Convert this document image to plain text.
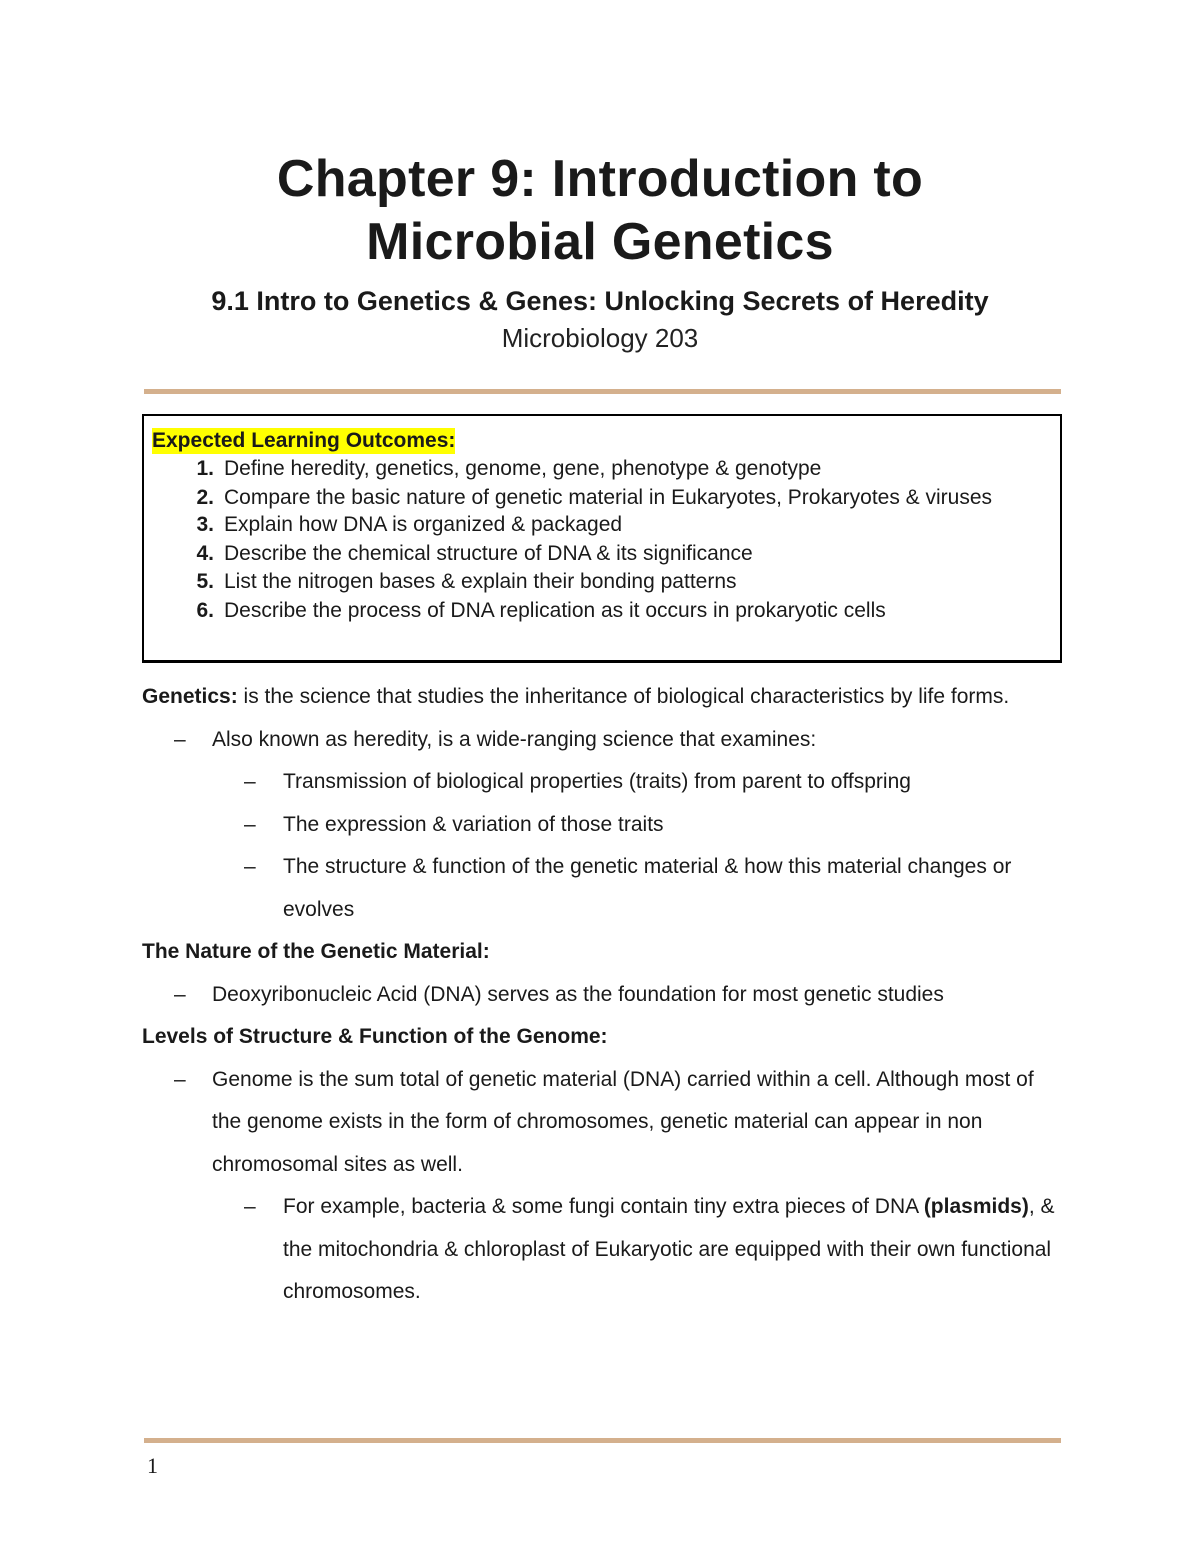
Chapter 9: Introduction to
Microbial Genetics
9.1 Intro to Genetics & Genes: Unlocking Secrets of Heredity
Microbiology 203
Expected Learning Outcomes:
1. Define heredity, genetics, genome, gene, phenotype & genotype
2. Compare the basic nature of genetic material in Eukaryotes, Prokaryotes & viruses
3. Explain how DNA is organized & packaged
4. Describe the chemical structure of DNA & its significance
5. List the nitrogen bases & explain their bonding patterns
6. Describe the process of DNA replication as it occurs in prokaryotic cells

Genetics: is the science that studies the inheritance of biological characteristics by life forms.

– Also known as heredity, is a wide-ranging science that examines:
– Transmission of biological properties (traits) from parent to offspring
– The expression & variation of those traits
– The structure & function of the genetic material & how this material changes or evolves

The Nature of the Genetic Material:

– Deoxyribonucleic Acid (DNA) serves as the foundation for most genetic studies

Levels of Structure & Function of the Genome:

– Genome is the sum total of genetic material (DNA) carried within a cell. Although most of the genome exists in the form of chromosomes, genetic material can appear in non chromosomal sites as well.
– For example, bacteria & some fungi contain tiny extra pieces of DNA (plasmids), & the mitochondria & chloroplast of Eukaryotic are equipped with their own functional chromosomes.
1
